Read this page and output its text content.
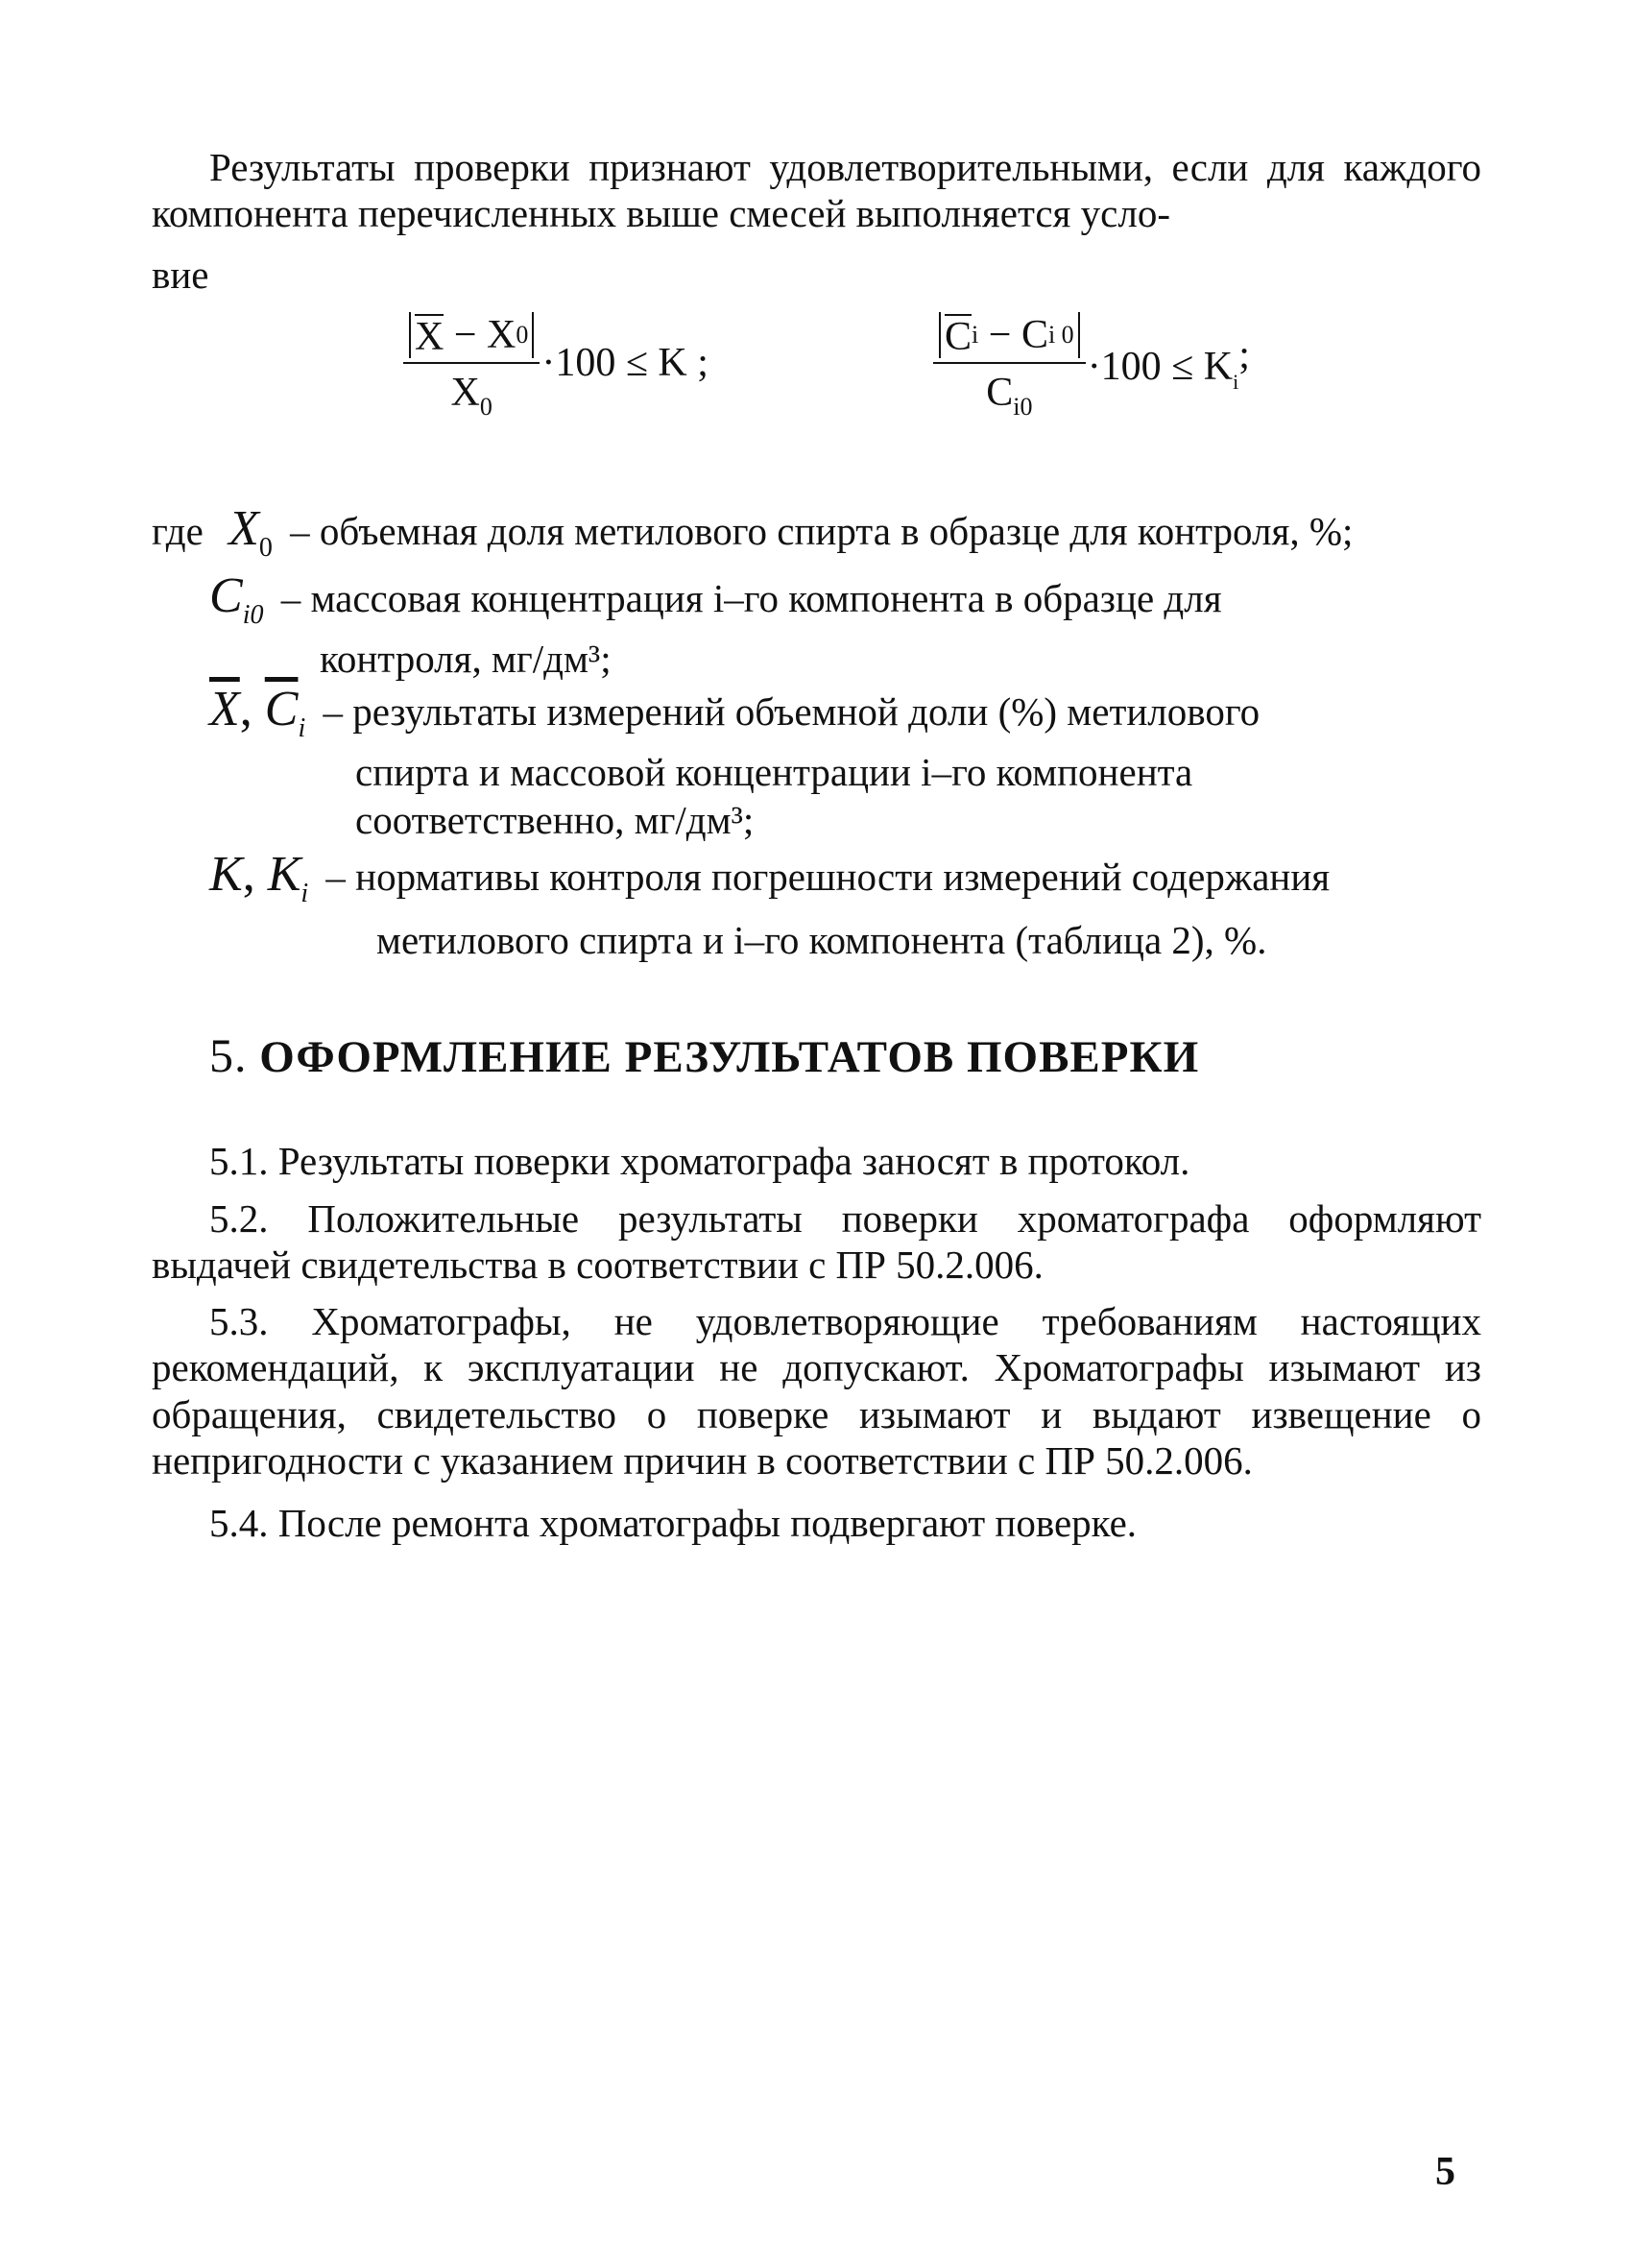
Результаты проверки признают удовлетворительными, если для каждого компонента перечисленных выше смесей выполняется усло-

вие

$\frac{X - X 0}{X_0} \cdot 100 \le K$ ;	$\frac{\text{C i − C i 0}}{C_{i0}} \cdot 100 \le K_i$;
где $X_0$ – объемная доля метилового спирта в образце для контроля, %;
$C_{i0}$ – массовая концентрация i–го компонента в образце для
контроля, мг/дм³;
$\overline{X}$, $\overline{C}_i$ – результаты измерений объемной доли (%) метилового
спирта и массовой концентрации i–го компонента
соответственно, мг/дм³;
K, $K_i$ – нормативы контроля погрешности измерений содержания
метилового спирта и i–го компонента (таблица 2), %.
5. ОФОРМЛЕНИЕ РЕЗУЛЬТАТОВ ПОВЕРКИ

5.1. Результаты поверки хроматографа заносят в протокол.

5.2. Положительные результаты поверки хроматографа оформляют выдачей свидетельства в соответствии с ПР 50.2.006.

5.3. Хроматографы, не удовлетворяющие требованиям настоящих рекомендаций, к эксплуатации не допускают. Хроматографы изымают из обращения, свидетельство о поверке изымают и выдают извещение о непригодности с указанием причин в соответствии с ПР 50.2.006.

5.4. После ремонта хроматографы подвергают поверке.

5
